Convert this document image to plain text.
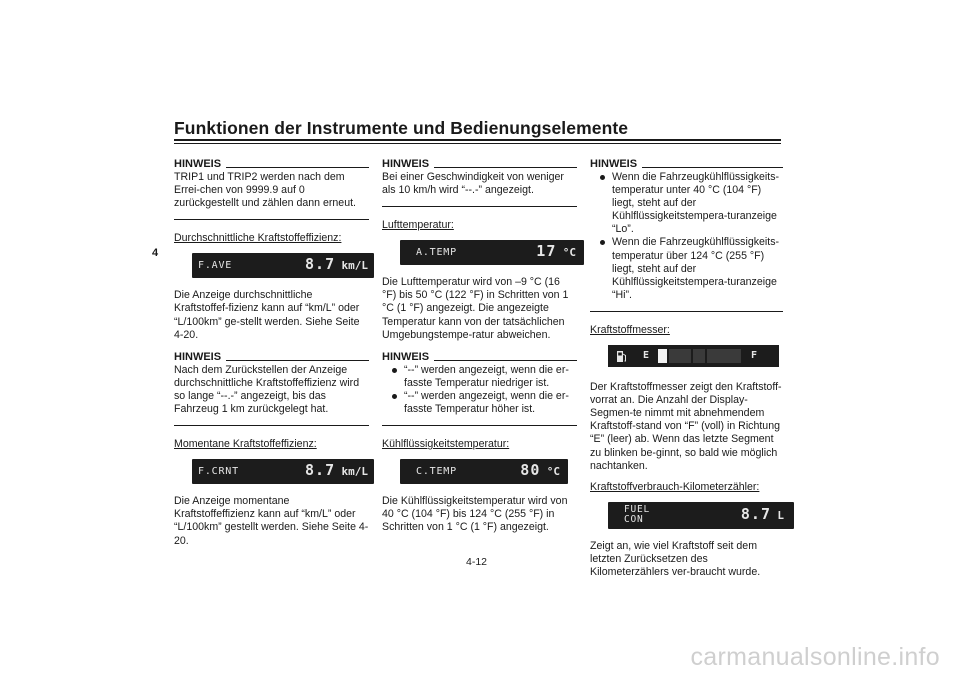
Funktionen der Instrumente und Bedienungselemente
4
HINWEIS

TRIP1 und TRIP2 werden nach dem Errei-chen von 9999.9 auf 0 zurückgestellt und zählen dann erneut.

Durchschnittliche Kraftstoffeffizienz:

F.AVE	8.7 km/L

Die Anzeige durchschnittliche Kraftstoffef-fizienz kann auf “km/L” oder “L/100km” ge-stellt werden. Siehe Seite 4-20.

HINWEIS

Nach dem Zurückstellen der Anzeige durchschnittliche Kraftstoffeffizienz wird so lange “--.-” angezeigt, bis das Fahrzeug 1 km zurückgelegt hat.

Momentane Kraftstoffeffizienz:

F.CRNT	8.7 km/L

Die Anzeige momentane Kraftstoffeffizienz kann auf “km/L” oder “L/100km” gestellt werden. Siehe Seite 4-20.

HINWEIS

Bei einer Geschwindigkeit von weniger als 10 km/h wird “--.-” angezeigt.

Lufttemperatur:

A.TEMP	17 °C

Die Lufttemperatur wird von –9 °C (16 °F) bis 50 °C (122 °F) in Schritten von 1 °C (1 °F) angezeigt. Die angezeigte Temperatur kann von der tatsächlichen Umgebungstempe-ratur abweichen.

HINWEIS
“--” werden angezeigt, wenn die er-fasste Temperatur niedriger ist.
“--” werden angezeigt, wenn die er-fasste Temperatur höher ist.

Kühlflüssigkeitstemperatur:

C.TEMP	80 °C

Die Kühlflüssigkeitstemperatur wird von 40 °C (104 °F) bis 124 °C (255 °F) in Schritten von 1 °C (1 °F) angezeigt.

HINWEIS
Wenn die Fahrzeugkühlflüssigkeits-temperatur unter 40 °C (104 °F) liegt, steht auf der Kühlflüssigkeitstempera-turanzeige “Lo”.
Wenn die Fahrzeugkühlflüssigkeits-temperatur über 124 °C (255 °F) liegt, steht auf der Kühlflüssigkeitstempera-turanzeige “Hi”.

Kraftstoffmesser:

E	F

Der Kraftstoffmesser zeigt den Kraftstoff-vorrat an. Die Anzahl der Display-Segmen-te nimmt mit abnehmendem Kraftstoff-stand von “F” (voll) in Richtung “E” (leer) ab. Wenn das letzte Segment zu blinken be-ginnt, so bald wie möglich nachtanken.

Kraftstoffverbrauch-Kilometerzähler:

FUEL
CON	8.7 L

Zeigt an, wie viel Kraftstoff seit dem letzten Zurücksetzen des Kilometerzählers ver-braucht wurde.

4-12
carmanualsonline.info
